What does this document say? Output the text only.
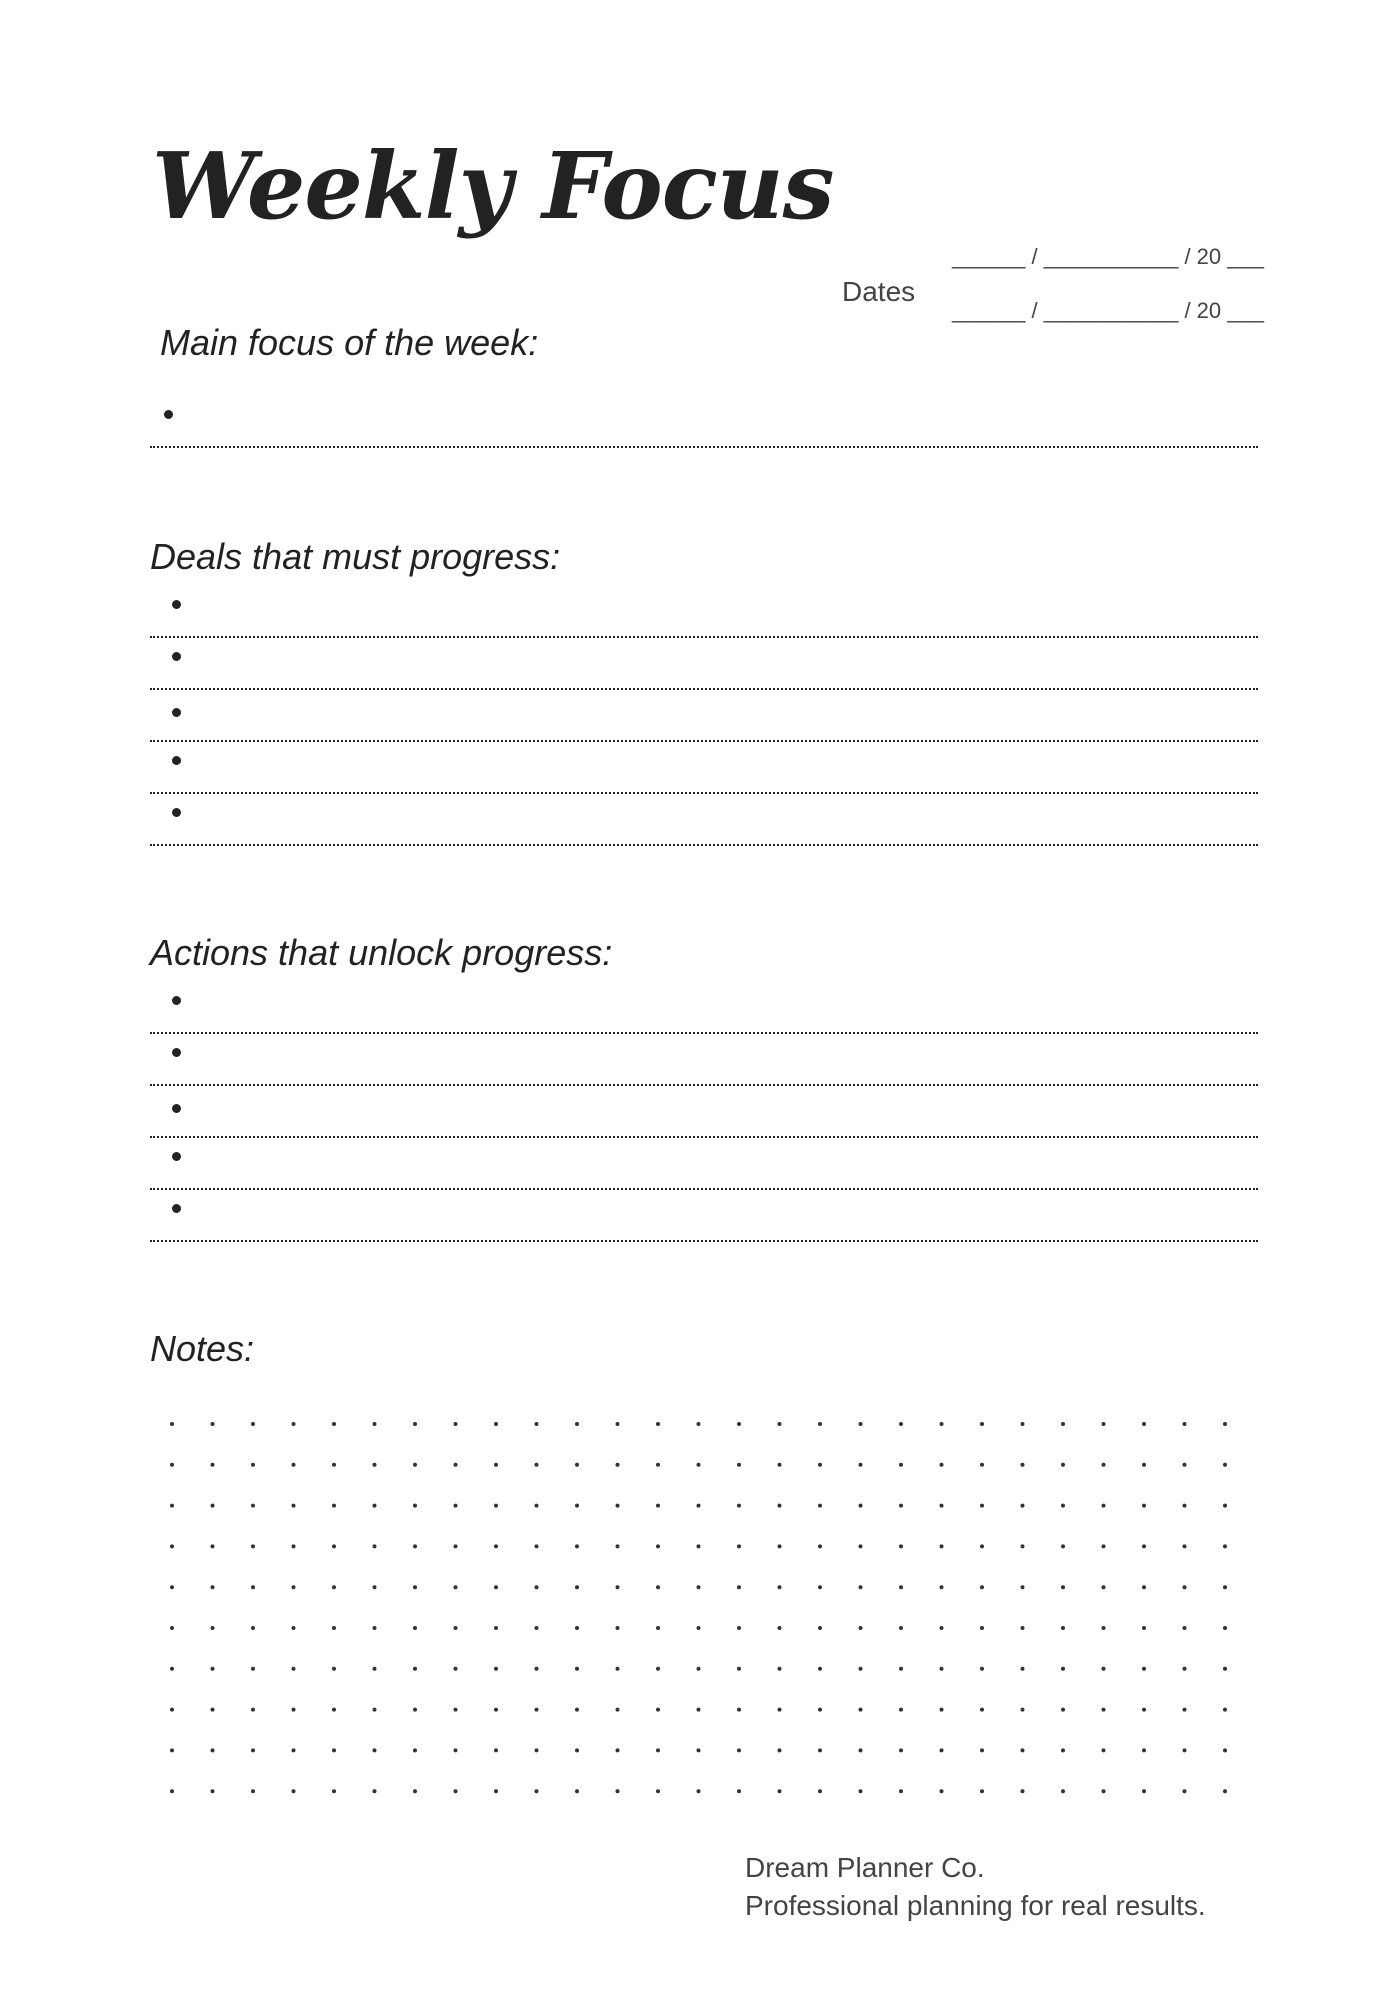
Weekly Focus
Dates
______ / ___________ / 20 ___
______ / ___________ / 20 ___
Main focus of the week:
Deals that must progress:
Actions that unlock progress:
Notes:
Dream Planner Co.
Professional planning for real results.
